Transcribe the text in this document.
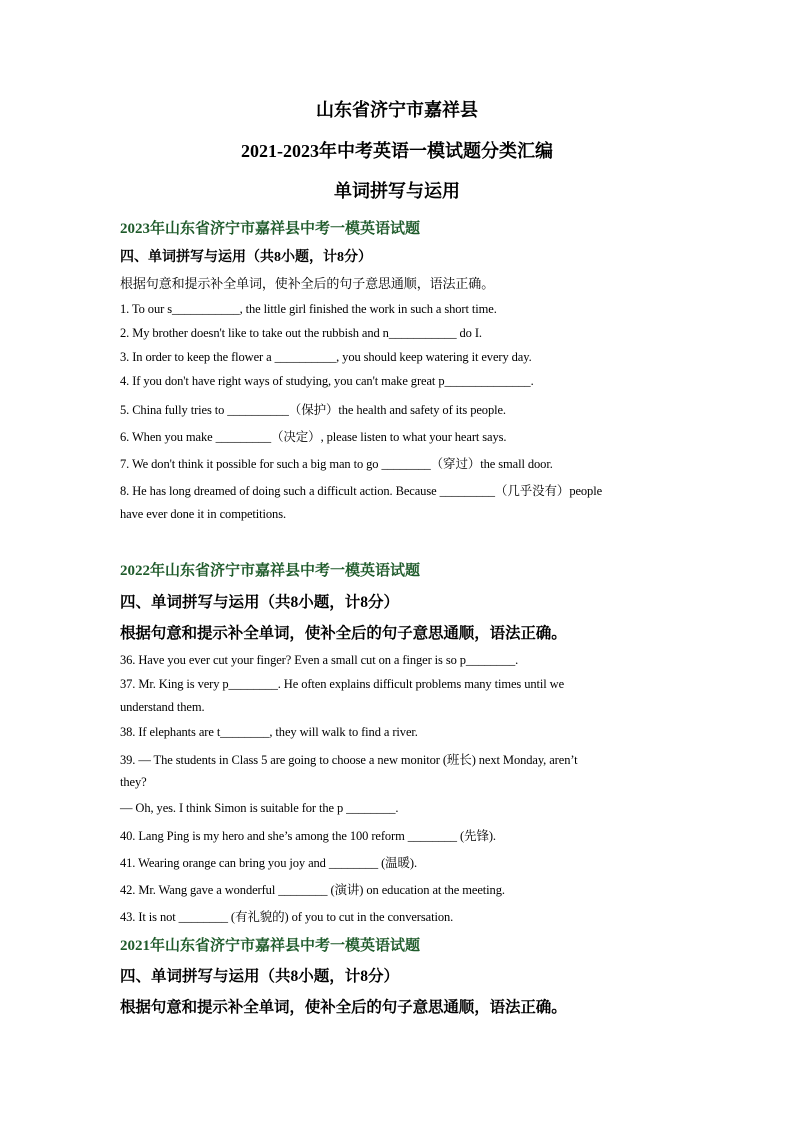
山东省济宁市嘉祥县
2021-2023年中考英语一模试题分类汇编
单词拼写与运用
2023年山东省济宁市嘉祥县中考一模英语试题
四、单词拼写与运用（共8小题，计8分）
根据句意和提示补全单词，使补全后的句子意思通顺，语法正确。
1. To our s___________, the little girl finished the work in such a short time.
2. My brother doesn't like to take out the rubbish and n___________ do I.
3. In order to keep the flower a __________, you should keep watering it every day.
4. If you don't have right ways of studying, you can't make great p______________.
5. China fully tries to __________（保护）the health and safety of its people.
6. When you make _________（决定）, please listen to what your heart says.
7. We don't think it possible for such a big man to go ________（穿过）the small door.
8. He has long dreamed of doing such a difficult action. Because _________（几乎没有）people
have ever done it in competitions.
2022年山东省济宁市嘉祥县中考一模英语试题
四、单词拼写与运用（共8小题，计8分）
根据句意和提示补全单词，使补全后的句子意思通顺，语法正确。
36. Have you ever cut your finger? Even a small cut on a finger is so p________.
37. Mr. King is very p________. He often explains difficult problems many times until we
understand them.
38. If elephants are t________, they will walk to find a river.
39. — The students in Class 5 are going to choose a new monitor (班长) next Monday, aren’t
they?
— Oh, yes. I think Simon is suitable for the p ________.
40. Lang Ping is my hero and she’s among the 100 reform ________ (先锋).
41. Wearing orange can bring you joy and ________ (温暖).
42. Mr. Wang gave a wonderful ________ (演讲) on education at the meeting.
43. It is not ________ (有礼貌的) of you to cut in the conversation.
2021年山东省济宁市嘉祥县中考一模英语试题
四、单词拼写与运用（共8小题，计8分）
根据句意和提示补全单词，使补全后的句子意思通顺，语法正确。
